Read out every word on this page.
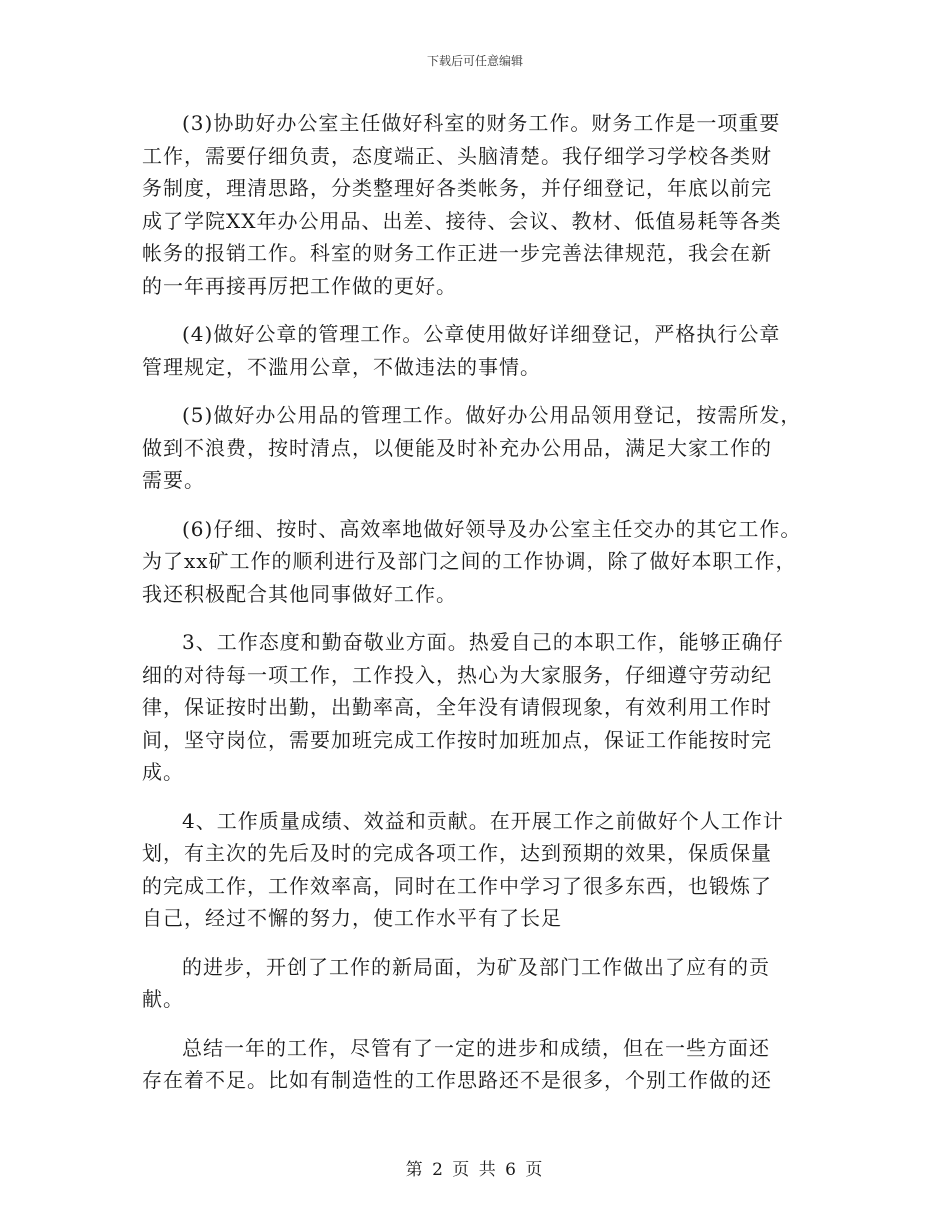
下载后可任意编辑
(3)协助好办公室主任做好科室的财务工作。财务工作是一项重要
工作，需要仔细负责，态度端正、头脑清楚。我仔细学习学校各类财
务制度，理清思路，分类整理好各类帐务，并仔细登记，年底以前完
成了学院XX年办公用品、出差、接待、会议、教材、低值易耗等各类
帐务的报销工作。科室的财务工作正进一步完善法律规范，我会在新
的一年再接再厉把工作做的更好。
(4)做好公章的管理工作。公章使用做好详细登记，严格执行公章
管理规定，不滥用公章，不做违法的事情。
(5)做好办公用品的管理工作。做好办公用品领用登记，按需所发，
做到不浪费，按时清点，以便能及时补充办公用品，满足大家工作的
需要。
(6)仔细、按时、高效率地做好领导及办公室主任交办的其它工作。
为了xx矿工作的顺利进行及部门之间的工作协调，除了做好本职工作，
我还积极配合其他同事做好工作。
3、工作态度和勤奋敬业方面。热爱自己的本职工作，能够正确仔
细的对待每一项工作，工作投入，热心为大家服务，仔细遵守劳动纪
律，保证按时出勤，出勤率高，全年没有请假现象，有效利用工作时
间，坚守岗位，需要加班完成工作按时加班加点，保证工作能按时完
成。
4、工作质量成绩、效益和贡献。在开展工作之前做好个人工作计
划，有主次的先后及时的完成各项工作，达到预期的效果，保质保量
的完成工作，工作效率高，同时在工作中学习了很多东西，也锻炼了
自己，经过不懈的努力，使工作水平有了长足
的进步，开创了工作的新局面，为矿及部门工作做出了应有的贡
献。
总结一年的工作，尽管有了一定的进步和成绩，但在一些方面还
存在着不足。比如有制造性的工作思路还不是很多，个别工作做的还
第 2 页 共 6 页
